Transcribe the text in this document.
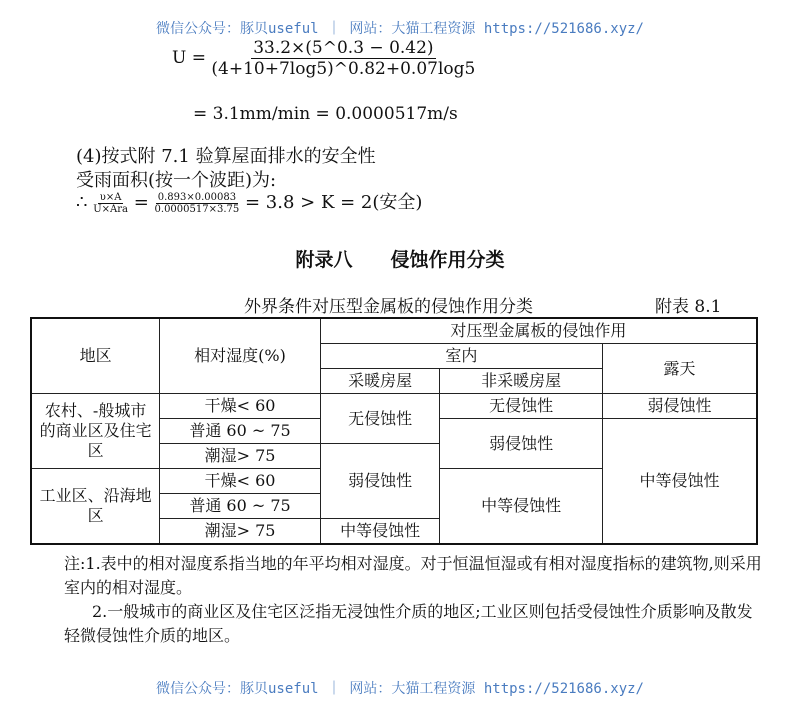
微信公众号：豚贝useful ｜ 网站：大猫工程资源 https://521686.xyz/
$U = \frac{33.2\times(5\^{}0.3 - 0.42)}{(4+10+7\log 5)\^{}0.82+0.07\log 5}$
= 3.1mm/min = 0.0000517m/s
(4)按式附 7.1 验算屋面排水的安全性
受雨面积(按一个波距)为:
∴ $\frac{\upsilon\times A}{\text{U×Ara}} = \frac{0.893\times 0.00083}{0.0000517\times 3.75} = 3.8 > K = 2$(安全)
附录八　　侵蚀作用分类
外界条件对压型金属板的侵蚀作用分类	附表 8.1
地区	相对湿度(%)	对压型金属板的侵蚀作用		
		室内		露天
		采暖房屋	非采暖房屋	
农村、-般城市的商业区及住宅区	干燥< 60	无侵蚀性	无侵蚀性	弱侵蚀性
	普通 60 ~ 75		弱侵蚀性	中等侵蚀性
	潮湿> 75	弱侵蚀性		
工业区、沿海地区	干燥< 60		中等侵蚀性	
	普通 60 ~ 75			
	潮湿> 75	中等侵蚀性		
注:1.表中的相对湿度系指当地的年平均相对湿度。对于恒温恒湿或有相对湿度指标的建筑物,则采用室内的相对湿度。
2.一般城市的商业区及住宅区泛指无浸蚀性介质的地区;工业区则包括受侵蚀性介质影响及散发轻微侵蚀性介质的地区。
微信公众号：豚贝useful ｜ 网站：大猫工程资源 https://521686.xyz/
